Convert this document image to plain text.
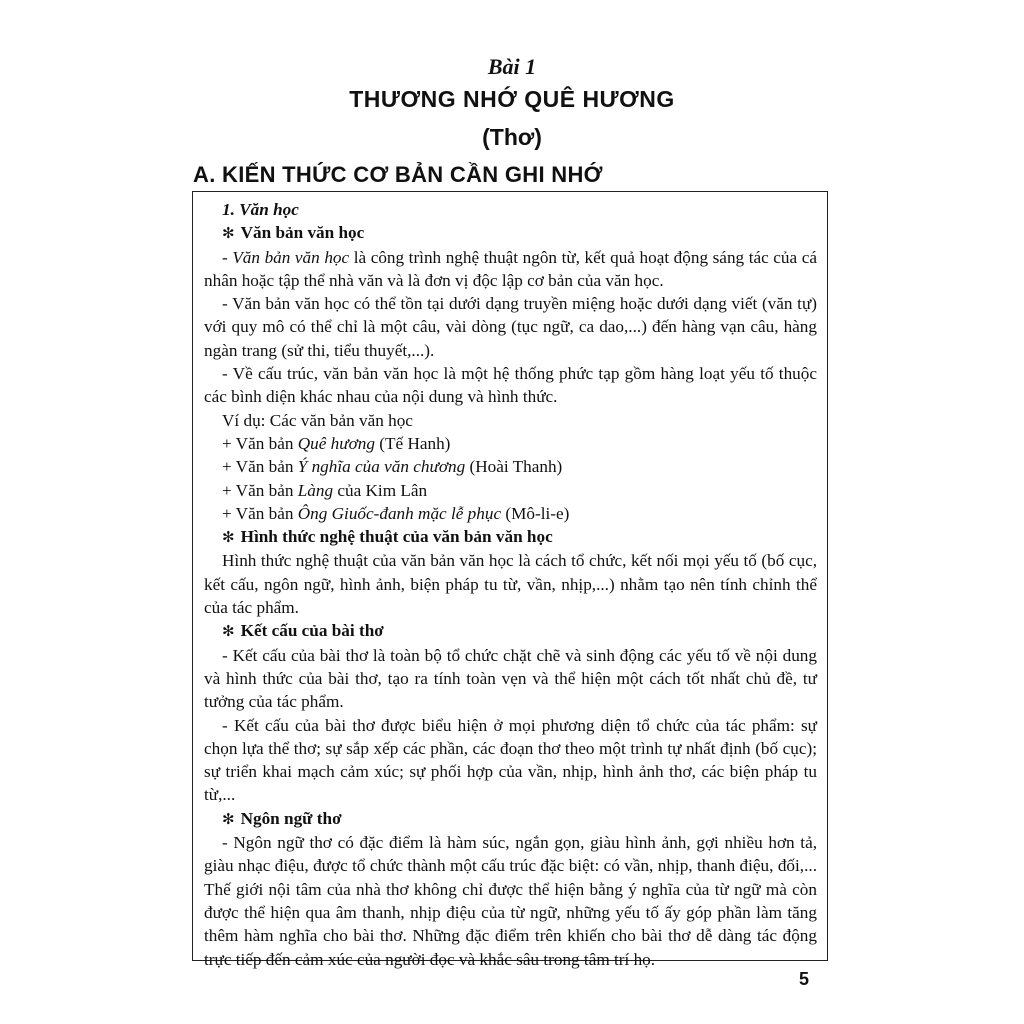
Bài 1
THƯƠNG NHỚ QUÊ HƯƠNG
(Thơ)
A. KIẾN THỨC CƠ BẢN CẦN GHI NHỚ

1. Văn học

✻ Văn bản văn học

- Văn bản văn học là công trình nghệ thuật ngôn từ, kết quả hoạt động sáng tác của cá nhân hoặc tập thể nhà văn và là đơn vị độc lập cơ bản của văn học.

- Văn bản văn học có thể tồn tại dưới dạng truyền miệng hoặc dưới dạng viết (văn tự) với quy mô có thể chỉ là một câu, vài dòng (tục ngữ, ca dao,...) đến hàng vạn câu, hàng ngàn trang (sử thi, tiểu thuyết,...).

- Về cấu trúc, văn bản văn học là một hệ thống phức tạp gồm hàng loạt yếu tố thuộc các bình diện khác nhau của nội dung và hình thức.

Ví dụ: Các văn bản văn học

+ Văn bản Quê hương (Tế Hanh)

+ Văn bản Ý nghĩa của văn chương (Hoài Thanh)

+ Văn bản Làng của Kim Lân

+ Văn bản Ông Giuốc-đanh mặc lễ phục (Mô-li-e)

✻ Hình thức nghệ thuật của văn bản văn học

Hình thức nghệ thuật của văn bản văn học là cách tổ chức, kết nối mọi yếu tố (bố cục, kết cấu, ngôn ngữ, hình ảnh, biện pháp tu từ, vần, nhịp,...) nhằm tạo nên tính chỉnh thể của tác phẩm.

✻ Kết cấu của bài thơ

- Kết cấu của bài thơ là toàn bộ tổ chức chặt chẽ và sinh động các yếu tố về nội dung và hình thức của bài thơ, tạo ra tính toàn vẹn và thể hiện một cách tốt nhất chủ đề, tư tưởng của tác phẩm.

- Kết cấu của bài thơ được biểu hiện ở mọi phương diện tổ chức của tác phẩm: sự chọn lựa thể thơ; sự sắp xếp các phần, các đoạn thơ theo một trình tự nhất định (bố cục); sự triển khai mạch cảm xúc; sự phối hợp của vần, nhịp, hình ảnh thơ, các biện pháp tu từ,...

✻ Ngôn ngữ thơ

- Ngôn ngữ thơ có đặc điểm là hàm súc, ngắn gọn, giàu hình ảnh, gợi nhiều hơn tả, giàu nhạc điệu, được tổ chức thành một cấu trúc đặc biệt: có vần, nhịp, thanh điệu, đối,... Thế giới nội tâm của nhà thơ không chỉ được thể hiện bằng ý nghĩa của từ ngữ mà còn được thể hiện qua âm thanh, nhịp điệu của từ ngữ, những yếu tố ấy góp phần làm tăng thêm hàm nghĩa cho bài thơ. Những đặc điểm trên khiến cho bài thơ dễ dàng tác động trực tiếp đến cảm xúc của người đọc và khắc sâu trong tâm trí họ.

5
